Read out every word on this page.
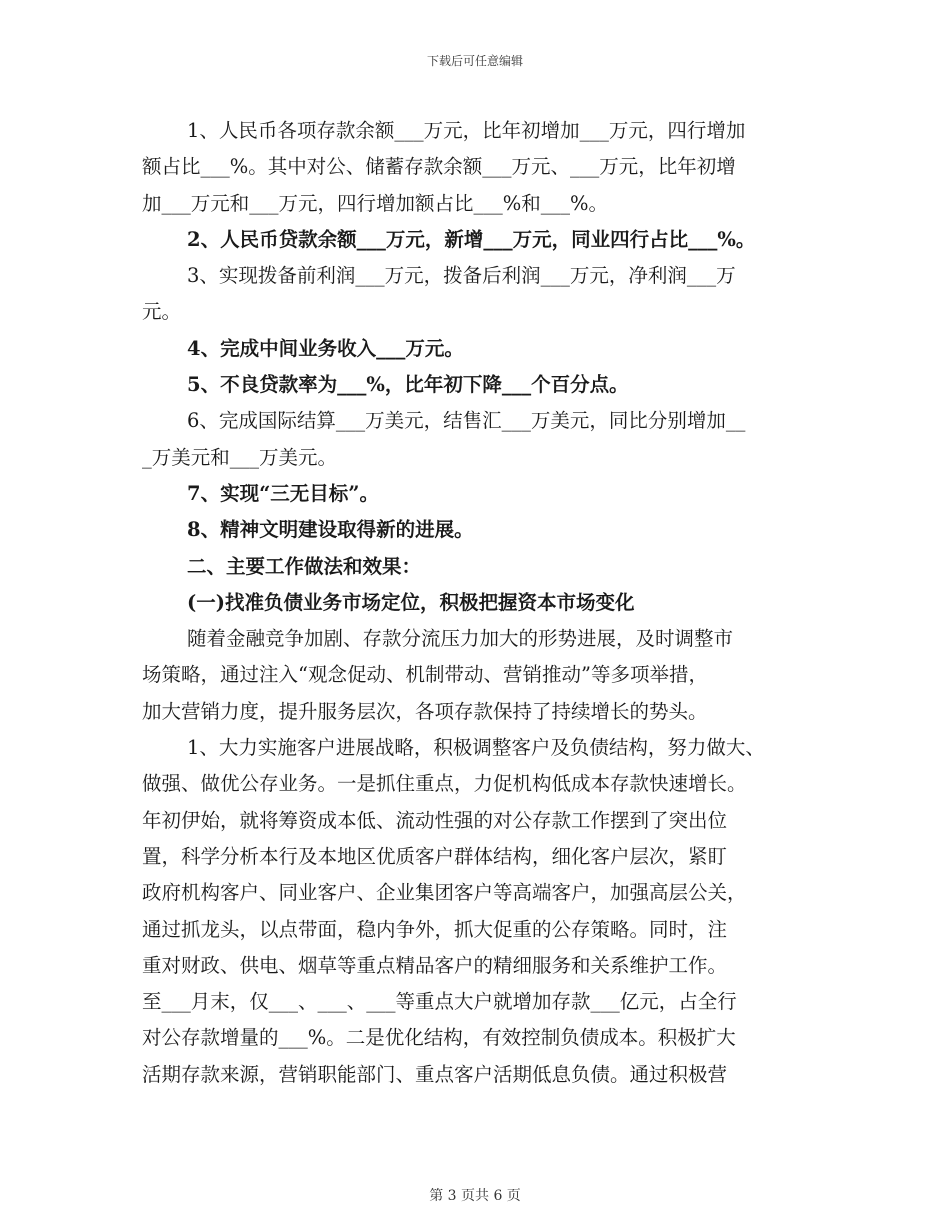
下载后可任意编辑
1、人民币各项存款余额___万元，比年初增加___万元，四行增加
额占比___%。其中对公、储蓄存款余额___万元、___万元，比年初增
加___万元和___万元，四行增加额占比___%和___%。
2、人民币贷款余额___万元，新增___万元，同业四行占比___%。
3、实现拨备前利润___万元，拨备后利润___万元，净利润___万
元。
4、完成中间业务收入___万元。
5、不良贷款率为___%，比年初下降___个百分点。
6、完成国际结算___万美元，结售汇___万美元，同比分别增加__
_万美元和___万美元。
7、实现“三无目标”。
8、精神文明建设取得新的进展。
二、主要工作做法和效果：
(一)找准负债业务市场定位，积极把握资本市场变化
随着金融竞争加剧、存款分流压力加大的形势进展，及时调整市
场策略，通过注入“观念促动、机制带动、营销推动”等多项举措，
加大营销力度，提升服务层次，各项存款保持了持续增长的势头。
1、大力实施客户进展战略，积极调整客户及负债结构，努力做大、
做强、做优公存业务。一是抓住重点，力促机构低成本存款快速增长。
年初伊始，就将筹资成本低、流动性强的对公存款工作摆到了突出位
置，科学分析本行及本地区优质客户群体结构，细化客户层次，紧盯
政府机构客户、同业客户、企业集团客户等高端客户，加强高层公关，
通过抓龙头，以点带面，稳内争外，抓大促重的公存策略。同时，注
重对财政、供电、烟草等重点精品客户的精细服务和关系维护工作。
至___月末，仅___、___、___等重点大户就增加存款___亿元，占全行
对公存款增量的___%。二是优化结构，有效控制负债成本。积极扩大
活期存款来源，营销职能部门、重点客户活期低息负债。通过积极营
第 3 页共 6 页
